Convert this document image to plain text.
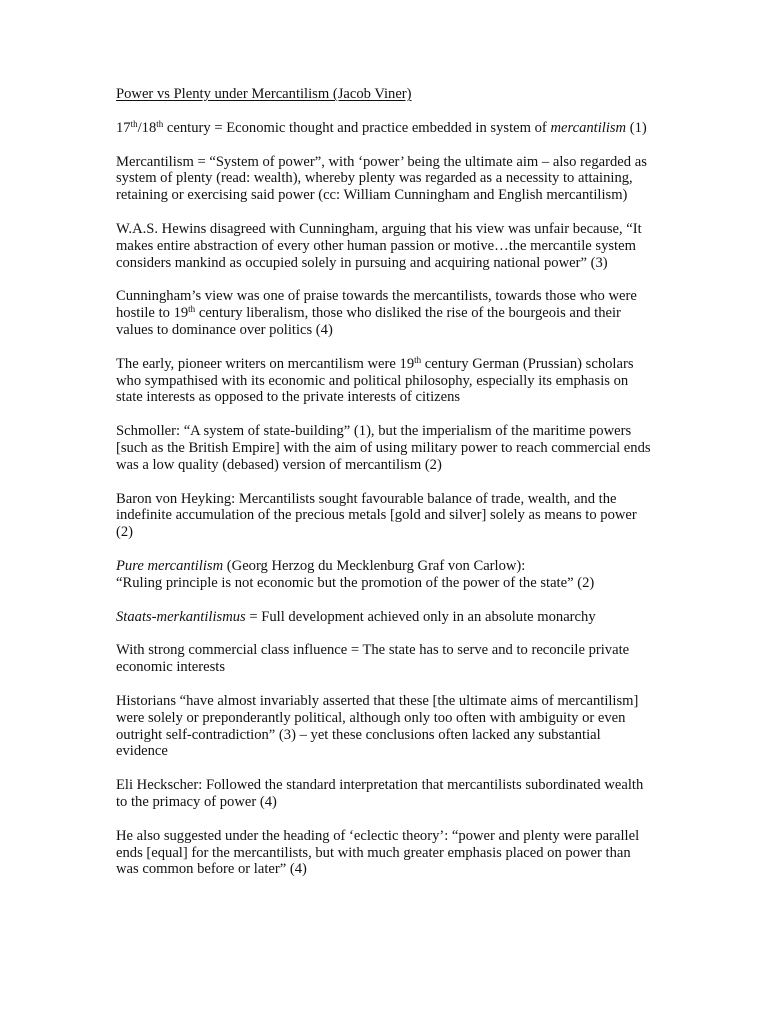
Power vs Plenty under Mercantilism (Jacob Viner)

17th/18th century = Economic thought and practice embedded in system of mercantilism (1)

Mercantilism = “System of power”, with ‘power’ being the ultimate aim – also regarded as system of plenty (read: wealth), whereby plenty was regarded as a necessity to attaining, retaining or exercising said power (cc: William Cunningham and English mercantilism)

W.A.S. Hewins disagreed with Cunningham, arguing that his view was unfair because, “It makes entire abstraction of every other human passion or motive…the mercantile system considers mankind as occupied solely in pursuing and acquiring national power” (3)

Cunningham’s view was one of praise towards the mercantilists, towards those who were hostile to 19th century liberalism, those who disliked the rise of the bourgeois and their values to dominance over politics (4)

The early, pioneer writers on mercantilism were 19th century German (Prussian) scholars who sympathised with its economic and political philosophy, especially its emphasis on state interests as opposed to the private interests of citizens

Schmoller: “A system of state-building” (1), but the imperialism of the maritime powers [such as the British Empire] with the aim of using military power to reach commercial ends was a low quality (debased) version of mercantilism (2)

Baron von Heyking: Mercantilists sought favourable balance of trade, wealth, and the indefinite accumulation of the precious metals [gold and silver] solely as means to power (2)

Pure mercantilism (Georg Herzog du Mecklenburg Graf von Carlow):
“Ruling principle is not economic but the promotion of the power of the state” (2)

Staats-merkantilismus = Full development achieved only in an absolute monarchy

With strong commercial class influence = The state has to serve and to reconcile private economic interests

Historians “have almost invariably asserted that these [the ultimate aims of mercantilism] were solely or preponderantly political, although only too often with ambiguity or even outright self-contradiction” (3) – yet these conclusions often lacked any substantial evidence

Eli Heckscher: Followed the standard interpretation that mercantilists subordinated wealth to the primacy of power (4)

He also suggested under the heading of ‘eclectic theory’: “power and plenty were parallel ends [equal] for the mercantilists, but with much greater emphasis placed on power than was common before or later” (4)
